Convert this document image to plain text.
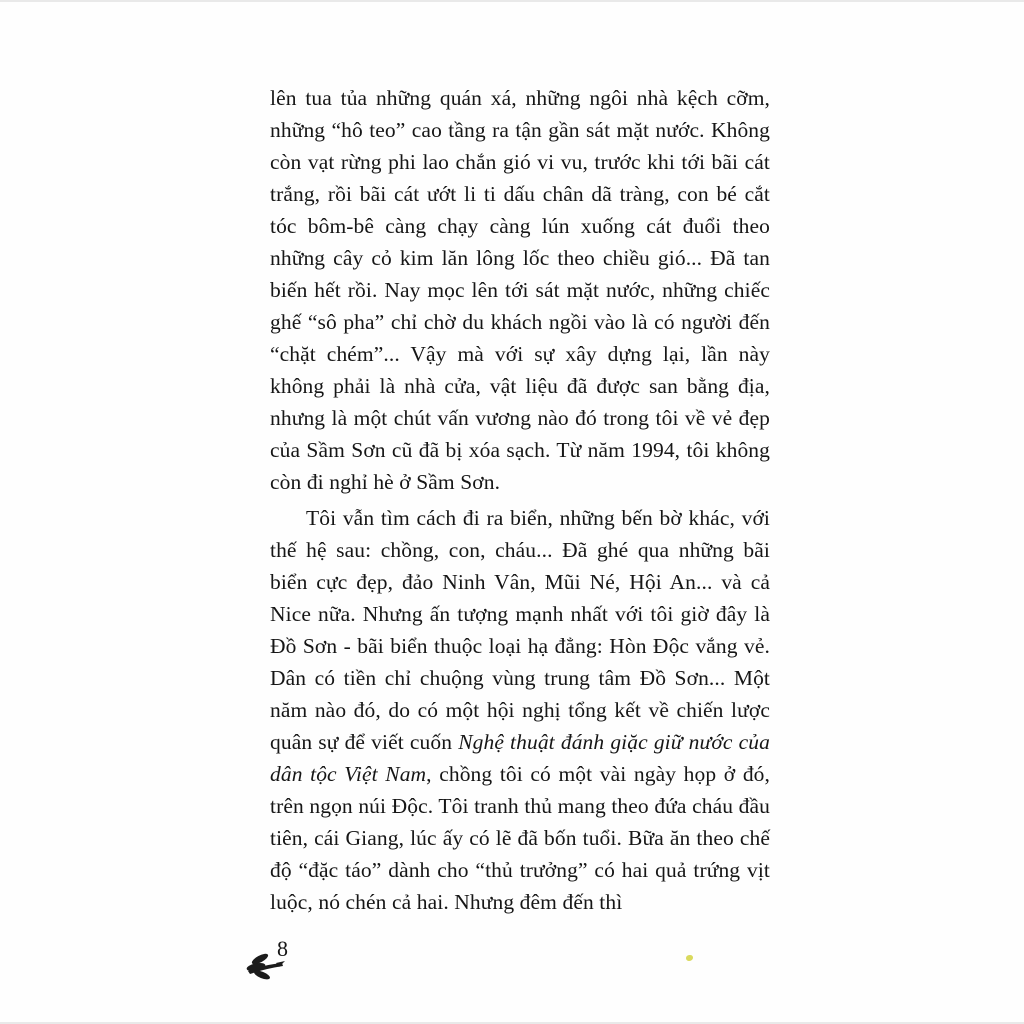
lên tua tủa những quán xá, những ngôi nhà kệch cỡm, những “hô teo” cao tầng ra tận gần sát mặt nước. Không còn vạt rừng phi lao chắn gió vi vu, trước khi tới bãi cát trắng, rồi bãi cát ướt li ti dấu chân dã tràng, con bé cắt tóc bôm-bê càng chạy càng lún xuống cát đuổi theo những cây cỏ kim lăn lông lốc theo chiều gió... Đã tan biến hết rồi. Nay mọc lên tới sát mặt nước, những chiếc ghế “sô pha” chỉ chờ du khách ngồi vào là có người đến “chặt chém”... Vậy mà với sự xây dựng lại, lần này không phải là nhà cửa, vật liệu đã được san bằng địa, nhưng là một chút vấn vương nào đó trong tôi về vẻ đẹp của Sầm Sơn cũ đã bị xóa sạch. Từ năm 1994, tôi không còn đi nghỉ hè ở Sầm Sơn.

Tôi vẫn tìm cách đi ra biển, những bến bờ khác, với thế hệ sau: chồng, con, cháu... Đã ghé qua những bãi biển cực đẹp, đảo Ninh Vân, Mũi Né, Hội An... và cả Nice nữa. Nhưng ấn tượng mạnh nhất với tôi giờ đây là Đồ Sơn - bãi biển thuộc loại hạ đẳng: Hòn Độc vắng vẻ. Dân có tiền chỉ chuộng vùng trung tâm Đồ Sơn... Một năm nào đó, do có một hội nghị tổng kết về chiến lược quân sự để viết cuốn Nghệ thuật đánh giặc giữ nước của dân tộc Việt Nam, chồng tôi có một vài ngày họp ở đó, trên ngọn núi Độc. Tôi tranh thủ mang theo đứa cháu đầu tiên, cái Giang, lúc ấy có lẽ đã bốn tuổi. Bữa ăn theo chế độ “đặc táo” dành cho “thủ trưởng” có hai quả trứng vịt luộc, nó chén cả hai. Nhưng đêm đến thì

8
